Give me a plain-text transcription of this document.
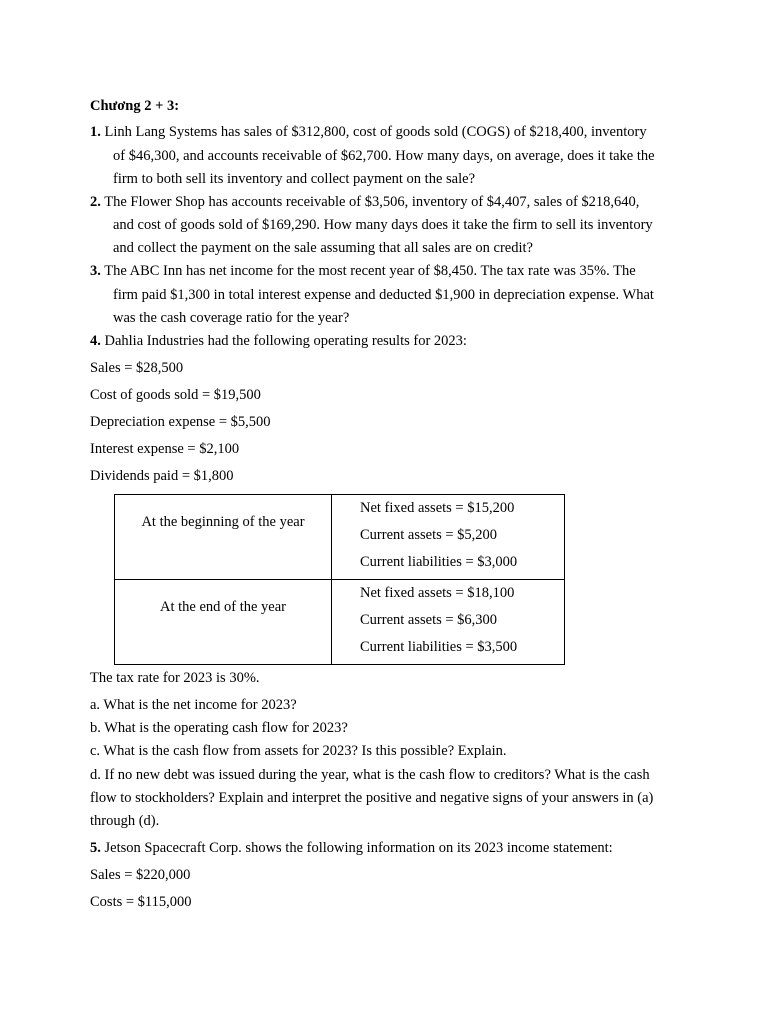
Chương 2 + 3:
1. Linh Lang Systems has sales of $312,800, cost of goods sold (COGS) of $218,400, inventory
of $46,300, and accounts receivable of $62,700. How many days, on average, does it take the
firm to both sell its inventory and collect payment on the sale?
2. The Flower Shop has accounts receivable of $3,506, inventory of $4,407, sales of $218,640,
and cost of goods sold of $169,290. How many days does it take the firm to sell its inventory
and collect the payment on the sale assuming that all sales are on credit?
3. The ABC Inn has net income for the most recent year of $8,450. The tax rate was 35%. The
firm paid $1,300 in total interest expense and deducted $1,900 in depreciation expense. What
was the cash coverage ratio for the year?
4. Dahlia Industries had the following operating results for 2023:
Sales = $28,500
Cost of goods sold = $19,500
Depreciation expense = $5,500
Interest expense = $2,100
Dividends paid = $1,800
At the beginning of the year
Net fixed assets = $15,200
Current assets = $5,200
Current liabilities = $3,000
At the end of the year
Net fixed assets = $18,100
Current assets = $6,300
Current liabilities = $3,500
The tax rate for 2023 is 30%.
a. What is the net income for 2023?
b. What is the operating cash flow for 2023?
c. What is the cash flow from assets for 2023? Is this possible? Explain.
d. If no new debt was issued during the year, what is the cash flow to creditors? What is the cash
flow to stockholders? Explain and interpret the positive and negative signs of your answers in (a)
through (d).
5. Jetson Spacecraft Corp. shows the following information on its 2023 income statement:
Sales = $220,000
Costs = $115,000
